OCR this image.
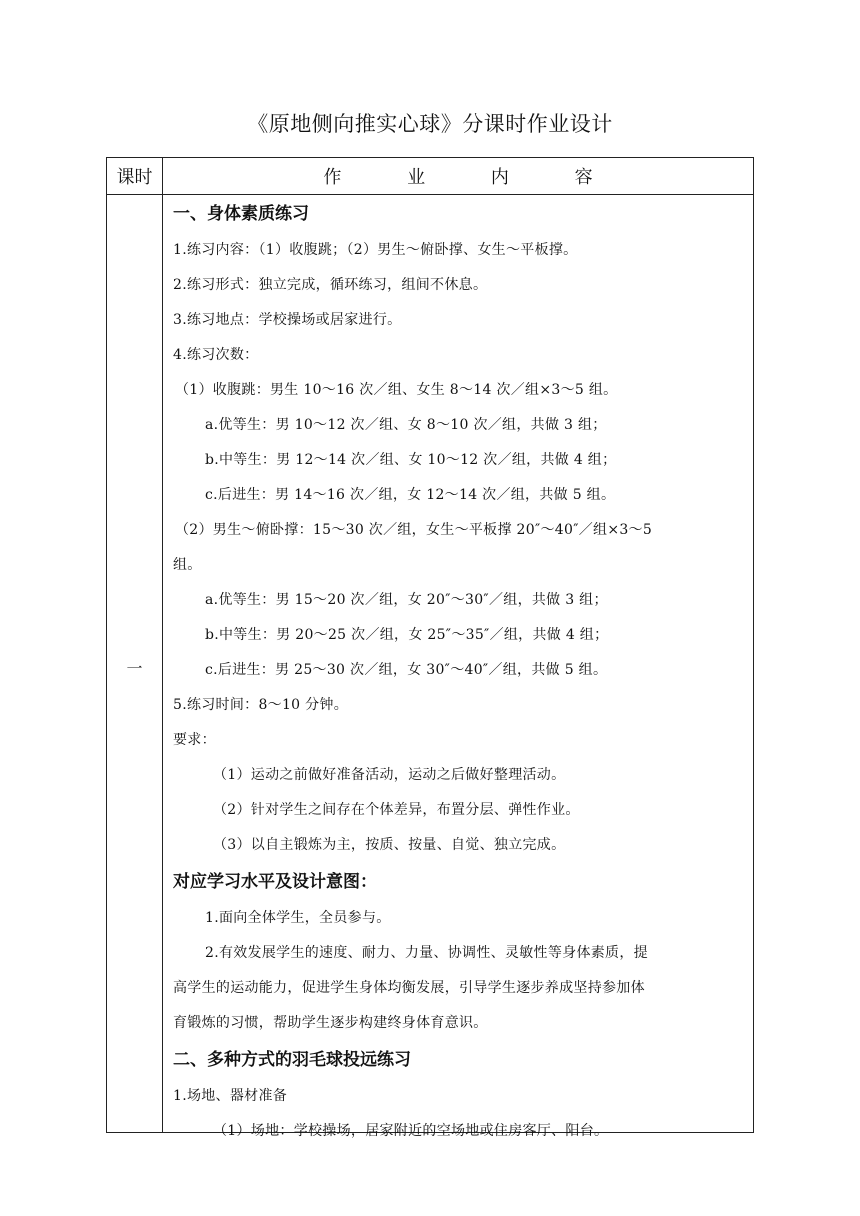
《原地侧向推实心球》分课时作业设计
课时	作 业 内 容
一
一、身体素质练习
1.练习内容：（1）收腹跳；（2）男生～俯卧撑、女生～平板撑。
2.练习形式：独立完成，循环练习，组间不休息。
3.练习地点：学校操场或居家进行。
4.练习次数：
（1）收腹跳：男生 10～16 次／组、女生 8～14 次／组×3～5 组。
a.优等生：男 10～12 次／组、女 8～10 次／组，共做 3 组；
b.中等生：男 12～14 次／组、女 10～12 次／组，共做 4 组；
c.后进生：男 14～16 次／组，女 12～14 次／组，共做 5 组。
（2）男生～俯卧撑：15～30 次／组，女生～平板撑 20″～40″／组×3～5
组。
a.优等生：男 15～20 次／组，女 20″～30″／组，共做 3 组；
b.中等生：男 20～25 次／组，女 25″～35″／组，共做 4 组；
c.后进生：男 25～30 次／组，女 30″～40″／组，共做 5 组。
5.练习时间：8～10 分钟。
要求：
（1）运动之前做好准备活动，运动之后做好整理活动。
（2）针对学生之间存在个体差异，布置分层、弹性作业。
（3）以自主锻炼为主，按质、按量、自觉、独立完成。
对应学习水平及设计意图：
1.面向全体学生，全员参与。
2.有效发展学生的速度、耐力、力量、协调性、灵敏性等身体素质，提
高学生的运动能力，促进学生身体均衡发展，引导学生逐步养成坚持参加体
育锻炼的习惯，帮助学生逐步构建终身体育意识。
二、多种方式的羽毛球投远练习
1.场地、器材准备
（1）场地：学校操场，居家附近的空场地或住房客厅、阳台。
